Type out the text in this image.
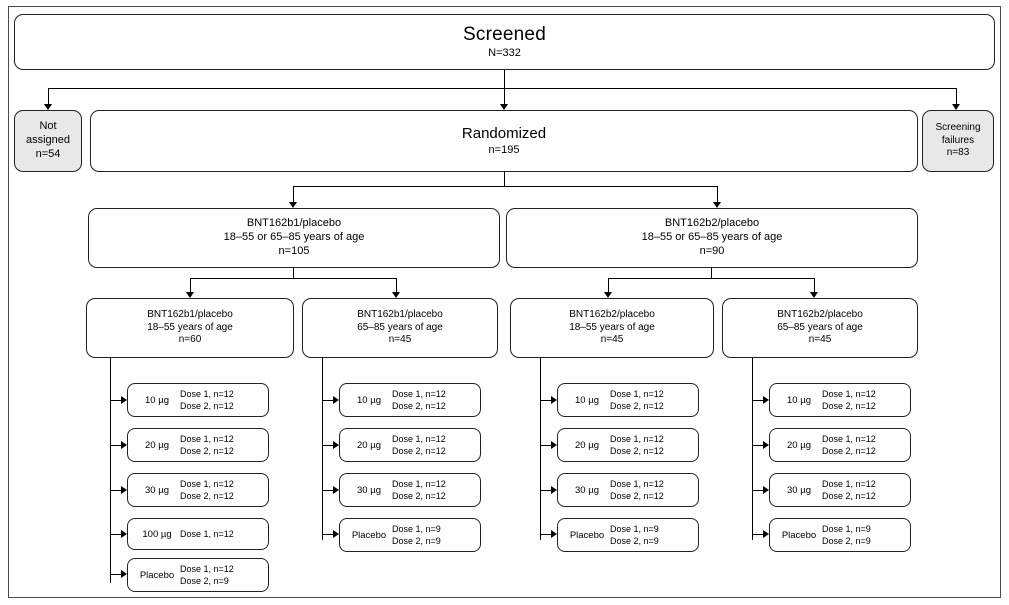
Screened
N=332
Not
assigned
n=54
Randomized
n=195
Screening
failures
n=83
BNT162b1/placebo
18–55 or 65–85 years of age
n=105
BNT162b2/placebo
18–55 or 65–85 years of age
n=90
BNT162b1/placebo
18–55 years of age
n=60
BNT162b1/placebo
65–85 years of age
n=45
BNT162b2/placebo
18–55 years of age
n=45
BNT162b2/placebo
65–85 years of age
n=45
10 µg
Dose 1, n=12
Dose 2, n=12
20 µg
Dose 1, n=12
Dose 2, n=12
30 µg
Dose 1, n=12
Dose 2, n=12
100 µg Dose 1, n=12
Placebo
Dose 1, n=12
Dose 2, n=9
10 µg
Dose 1, n=12
Dose 2, n=12
20 µg
Dose 1, n=12
Dose 2, n=12
30 µg
Dose 1, n=12
Dose 2, n=12
Placebo
Dose 1, n=9
Dose 2, n=9
10 µg
Dose 1, n=12
Dose 2, n=12
20 µg
Dose 1, n=12
Dose 2, n=12
30 µg
Dose 1, n=12
Dose 2, n=12
Placebo
Dose 1, n=9
Dose 2, n=9
10 µg
Dose 1, n=12
Dose 2, n=12
20 µg
Dose 1, n=12
Dose 2, n=12
30 µg
Dose 1, n=12
Dose 2, n=12
Placebo
Dose 1, n=9
Dose 2, n=9
